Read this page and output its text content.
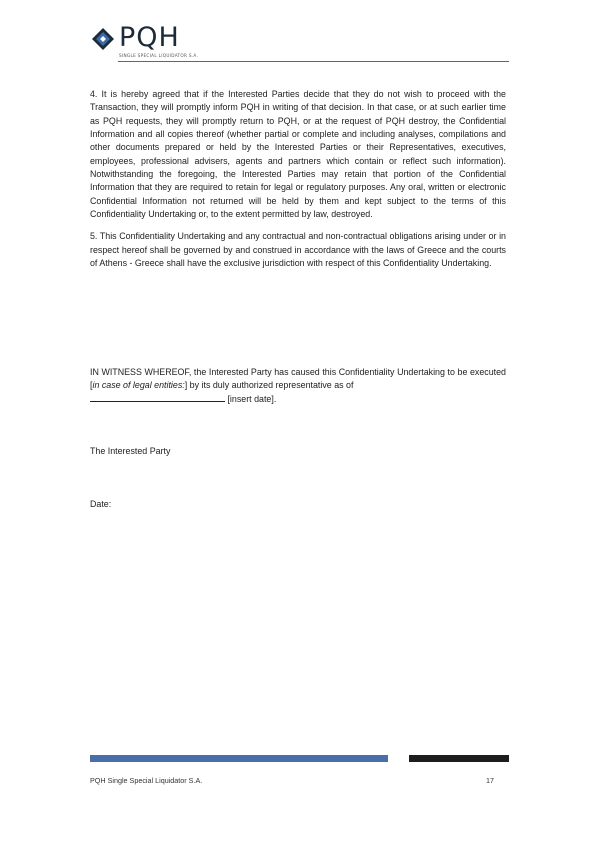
PQH
SINGLE SPECIAL LIQUIDATOR S.A.

4. It is hereby agreed that if the Interested Parties decide that they do not wish to proceed with the Transaction, they will promptly inform PQH in writing of that decision. In that case, or at such earlier time as PQH requests, they will promptly return to PQH, or at the request of PQH destroy, the Confidential Information and all copies thereof (whether partial or complete and including analyses, compilations and other documents prepared or held by the Interested Parties or their Representatives, executives, employees, professional advisers, agents and partners which contain or reflect such information). Notwithstanding the foregoing, the Interested Parties may retain that portion of the Confidential Information that they are required to retain for legal or regulatory purposes. Any oral, written or electronic Confidential Information not returned will be held by them and kept subject to the terms of this Confidentiality Undertaking or, to the extent permitted by law, destroyed.

5. This Confidentiality Undertaking and any contractual and non-contractual obligations arising under or in respect hereof shall be governed by and construed in accordance with the laws of Greece and the courts of Athens - Greece shall have the exclusive jurisdiction with respect of this Confidentiality Undertaking.

IN WITNESS WHEREOF, the Interested Party has caused this Confidentiality Undertaking to be executed [in case of legal entities:] by its duly authorized representative as of
[insert date].

The Interested Party

Date:

PQH Single Special Liquidator S.A.	17
